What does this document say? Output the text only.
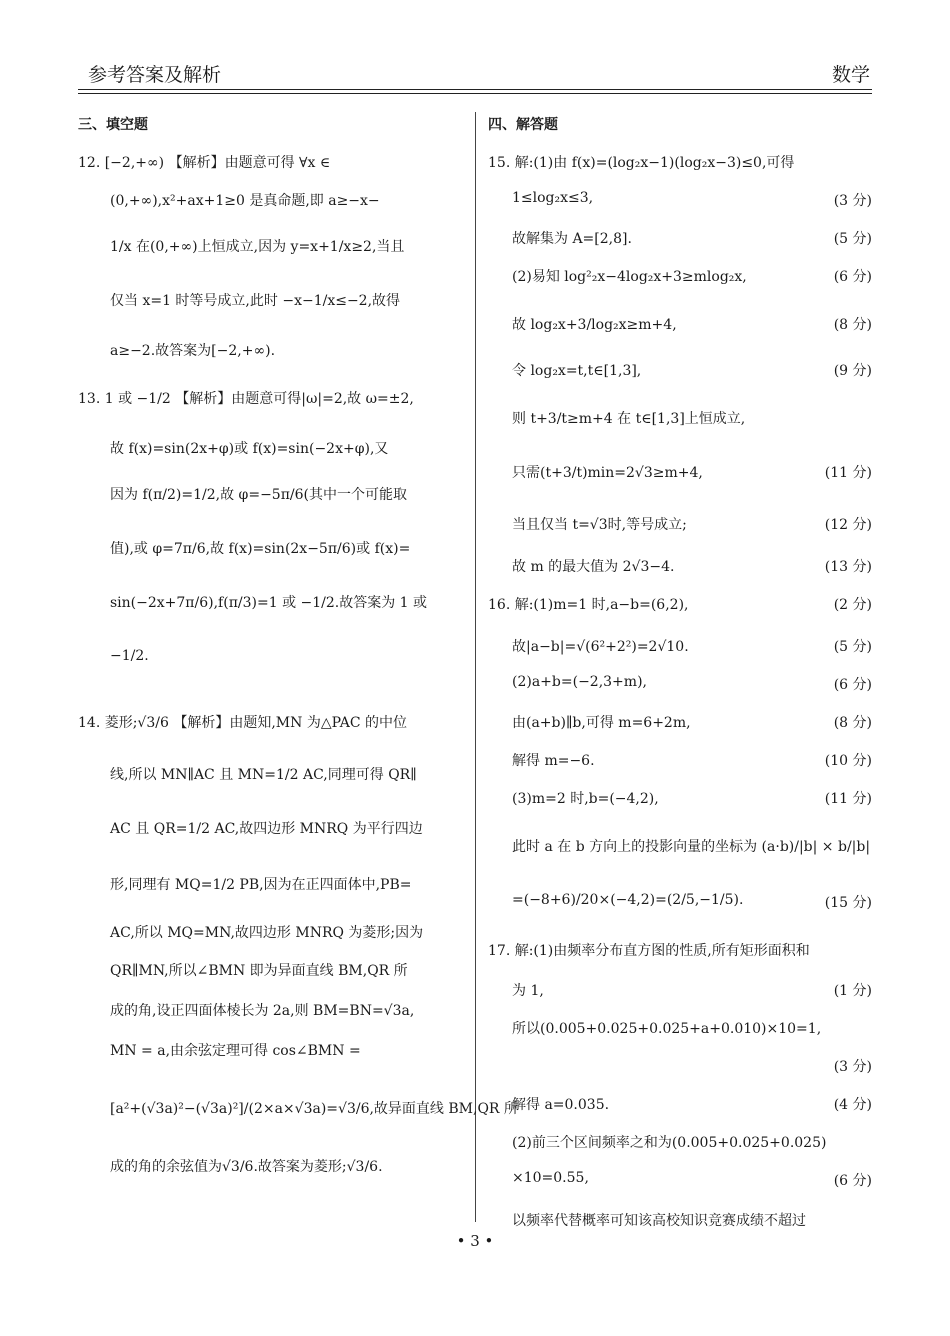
参考答案及解析	数学
三、填空题	四、解答题
12. [−2,+∞) 【解析】由题意可得 ∀x ∈
(0,+∞),x²+ax+1≥0 是真命题,即 a≥−x−
1/x 在(0,+∞)上恒成立,因为 y=x+1/x≥2,当且
仅当 x=1 时等号成立,此时 −x−1/x≤−2,故得
a≥−2.故答案为[−2,+∞).
13. 1 或 −1/2 【解析】由题意可得|ω|=2,故 ω=±2,
故 f(x)=sin(2x+φ)或 f(x)=sin(−2x+φ),又
因为 f(π/2)=1/2,故 φ=−5π/6(其中一个可能取
值),或 φ=7π/6,故 f(x)=sin(2x−5π/6)或 f(x)=
sin(−2x+7π/6),f(π/3)=1 或 −1/2.故答案为 1 或
−1/2.
14. 菱形;√3/6 【解析】由题知,MN 为△PAC 的中位
线,所以 MN∥AC 且 MN=1/2 AC,同理可得 QR∥
AC 且 QR=1/2 AC,故四边形 MNRQ 为平行四边
形,同理有 MQ=1/2 PB,因为在正四面体中,PB=
AC,所以 MQ=MN,故四边形 MNRQ 为菱形;因为
QR∥MN,所以∠BMN 即为异面直线 BM,QR 所
成的角,设正四面体棱长为 2a,则 BM=BN=√3a,
MN = a,由余弦定理可得 cos∠BMN =
[a²+(√3a)²−(√3a)²]/(2×a×√3a)=√3/6,故异面直线 BM,QR 所
成的角的余弦值为√3/6.故答案为菱形;√3/6.
15. 解:(1)由 f(x)=(log₂x−1)(log₂x−3)≤0,可得
1≤log₂x≤3,	(3 分)
故解集为 A=[2,8].	(5 分)
(2)易知 log²₂x−4log₂x+3≥mlog₂x,	(6 分)
故 log₂x+3/log₂x≥m+4,	(8 分)
令 log₂x=t,t∈[1,3],	(9 分)
则 t+3/t≥m+4 在 t∈[1,3]上恒成立,
只需(t+3/t)min=2√3≥m+4,	(11 分)
当且仅当 t=√3时,等号成立;	(12 分)
故 m 的最大值为 2√3−4.	(13 分)
16. 解:(1)m=1 时,a−b=(6,2),	(2 分)
故|a−b|=√(6²+2²)=2√10.	(5 分)
(2)a+b=(−2,3+m),	(6 分)
由(a+b)∥b,可得 m=6+2m,	(8 分)
解得 m=−6.	(10 分)
(3)m=2 时,b=(−4,2),	(11 分)
此时 a 在 b 方向上的投影向量的坐标为 (a·b)/|b| × b/|b|
=(−8+6)/20×(−4,2)=(2/5,−1/5).	(15 分)
17. 解:(1)由频率分布直方图的性质,所有矩形面积和
为 1,	(1 分)
所以(0.005+0.025+0.025+a+0.010)×10=1,
(3 分)
解得 a=0.035.	(4 分)
(2)前三个区间频率之和为(0.005+0.025+0.025)
×10=0.55,	(6 分)
以频率代替概率可知该高校知识竞赛成绩不超过
• 3 •
